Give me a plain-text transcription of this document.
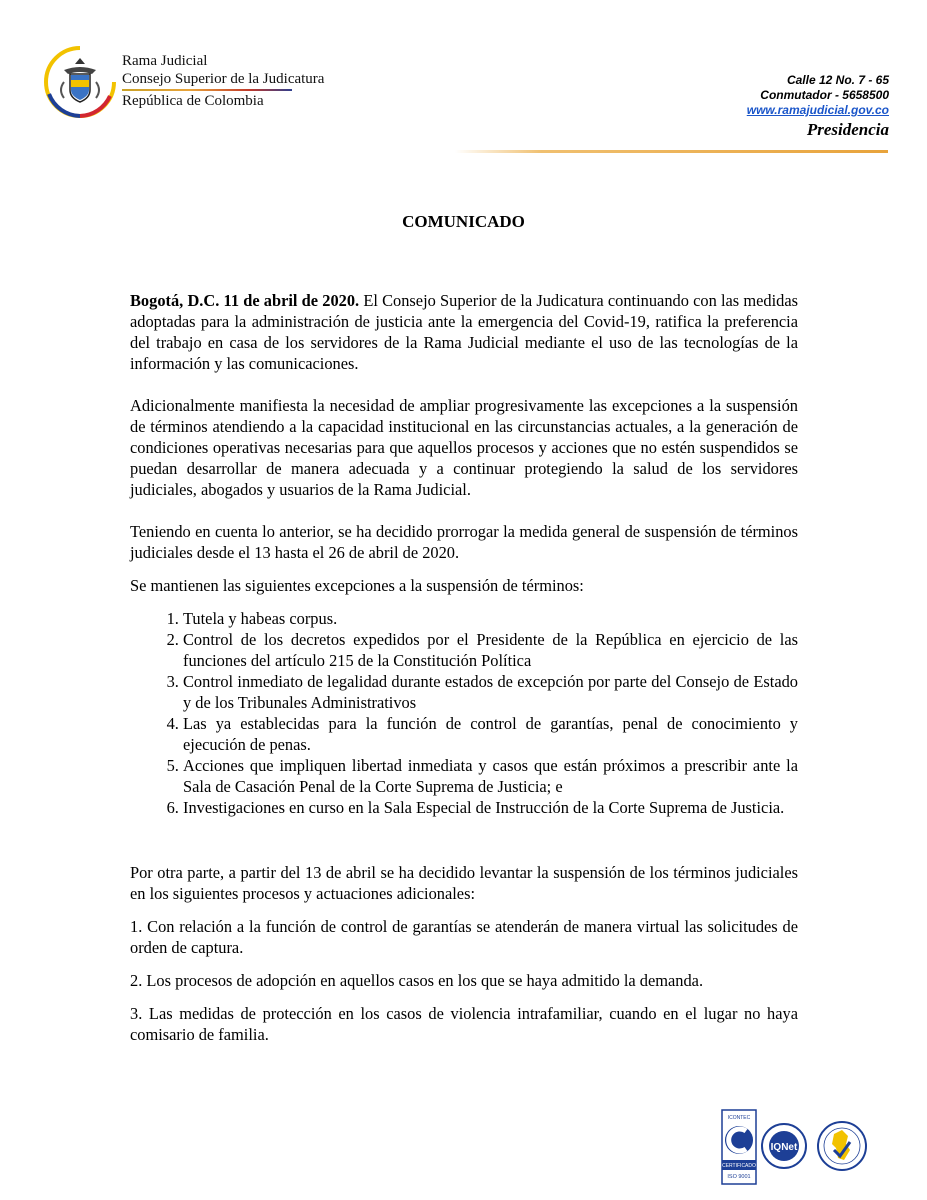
Rama Judicial
Consejo Superior de la Judicatura
República de Colombia
Calle 12 No. 7 - 65
Conmutador - 5658500
www.ramajudicial.gov.co
Presidencia
COMUNICADO

Bogotá, D.C. 11 de abril de 2020. El Consejo Superior de la Judicatura continuando con las medidas adoptadas para la administración de justicia ante la emergencia del Covid-19, ratifica la preferencia del trabajo en casa de los servidores de la Rama Judicial mediante el uso de las tecnologías de la información y las comunicaciones.

Adicionalmente manifiesta la necesidad de ampliar progresivamente las excepciones a la suspensión de términos atendiendo a la capacidad institucional en las circunstancias actuales, a la generación de condiciones operativas necesarias para que aquellos procesos y acciones que no estén suspendidos se puedan desarrollar de manera adecuada y a continuar protegiendo la salud de los servidores judiciales, abogados y usuarios de la Rama Judicial.

Teniendo en cuenta lo anterior, se ha decidido prorrogar la medida general de suspensión de términos judiciales desde el 13 hasta el 26 de abril de 2020.

Se mantienen las siguientes excepciones a la suspensión de términos:

1. Tutela y habeas corpus.
2. Control de los decretos expedidos por el Presidente de la República en ejercicio de las funciones del artículo 215 de la Constitución Política
3. Control inmediato de legalidad durante estados de excepción por parte del Consejo de Estado y de los Tribunales Administrativos
4. Las ya establecidas para la función de control de garantías, penal de conocimiento y ejecución de penas.
5. Acciones que impliquen libertad inmediata y casos que están próximos a prescribir ante la Sala de Casación Penal de la Corte Suprema de Justicia; e
6. Investigaciones en curso en la Sala Especial de Instrucción de la Corte Suprema de Justicia.

Por otra parte, a partir del 13 de abril se ha decidido levantar la suspensión de los términos judiciales en los siguientes procesos y actuaciones adicionales:

1. Con relación a la función de control de garantías se atenderán de manera virtual las solicitudes de orden de captura.

2. Los procesos de adopción en aquellos casos en los que se haya admitido la demanda.

3. Las medidas de protección en los casos de violencia intrafamiliar, cuando en el lugar no haya comisario de familia.

ICONTEC
CERTIFICADO
ISO 9001
IQNet
